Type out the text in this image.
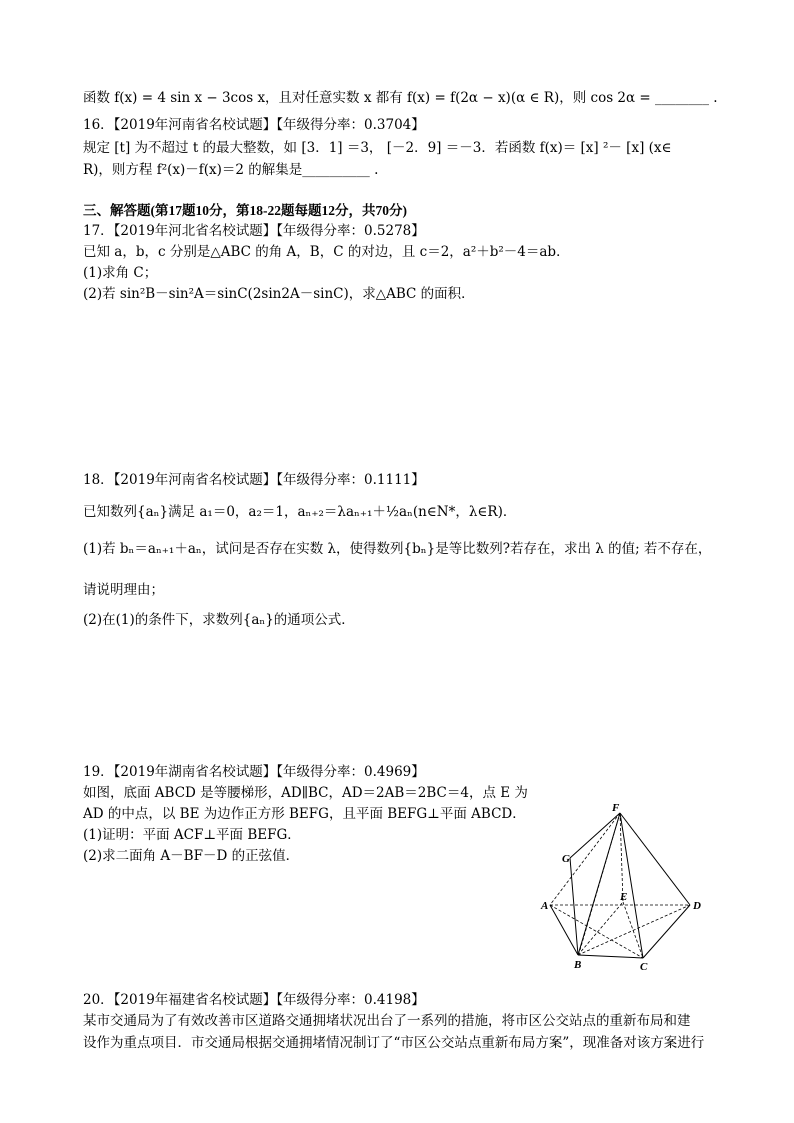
函数 f(x) = 4 sin x − 3cos x，且对任意实数 x 都有 f(x) = f(2α − x)(α ∈ R)，则 cos 2α = ________ .
16．【2019年河南省名校试题】【年级得分率：0.3704】
规定 [t] 为不超过 t 的最大整数，如 [3．1] ＝3， [－2．9] ＝－3．若函数 f(x)＝ [x] ²－ [x] (x∈
R)，则方程 f²(x)－f(x)＝2 的解集是__________ .
三、解答题(第17题10分，第18-22题每题12分，共70分)
17．【2019年河北省名校试题】【年级得分率：0.5278】
已知 a，b，c 分别是△ABC 的角 A，B，C 的对边，且 c＝2，a²＋b²－4＝ab．
(1)求角 C；
(2)若 sin²B－sin²A＝sinC(2sin2A－sinC)，求△ABC 的面积．
18．【2019年河南省名校试题】【年级得分率：0.1111】
已知数列{aₙ}满足 a₁＝0，a₂＝1，aₙ₊₂＝λaₙ₊₁＋½aₙ(n∈N*，λ∈R)．
(1)若 bₙ＝aₙ₊₁＋aₙ，试问是否存在实数 λ，使得数列{bₙ}是等比数列?若存在，求出 λ 的值; 若不存在，
请说明理由；
(2)在(1)的条件下，求数列{aₙ}的通项公式．
19．【2019年湖南省名校试题】【年级得分率：0.4969】
如图，底面 ABCD 是等腰梯形，AD∥BC，AD＝2AB＝2BC＝4，点 E 为
AD 的中点，以 BE 为边作正方形 BEFG，且平面 BEFG⊥平面 ABCD．
(1)证明：平面 ACF⊥平面 BEFG．
(2)求二面角 A－BF－D 的正弦值．
F
G
A
E
D
B	C
20．【2019年福建省名校试题】【年级得分率：0.4198】
某市交通局为了有效改善市区道路交通拥堵状况出台了一系列的措施，将市区公交站点的重新布局和建
设作为重点项目．市交通局根据交通拥堵情况制订了“市区公交站点重新布局方案”，现准备对该方案进行
